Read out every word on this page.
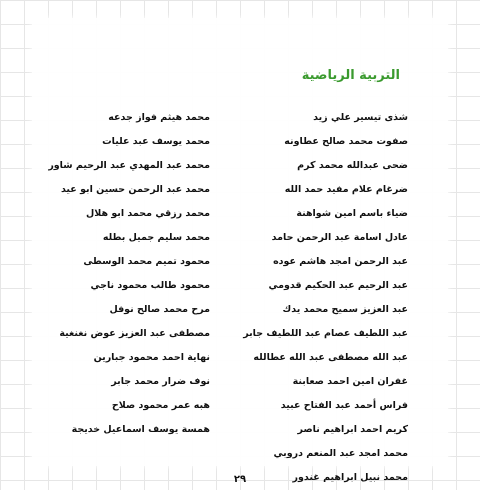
التربية الرياضية
شذى تيسير علي زيد
صفوت محمد صالح عطاونه
ضحى عبدالله محمد كرم
ضرغام علام مفيد حمد الله
ضياء باسم امين شواهنة
عادل اسامة عبد الرحمن حامد
عبد الرحمن امجد هاشم عوده
عبد الرحيم عبد الحكيم قدومي
عبد العزيز سميح محمد يدك
عبد اللطيف عصام عبد اللطيف جابر
عبد الله مصطفى عبد الله عطالله
غفران امين احمد صعابنة
فراس أحمد عبد الفتاح عبيد
كريم احمد ابراهيم ناصر
محمد امجد عبد المنعم دروبي
محمد نبيل ابراهيم غندور
محمد هيثم فواز جدعه
محمد يوسف عبد عليات
محمد عبد المهدي عبد الرحيم شاور
محمد عبد الرحمن حسين ابو عيد
محمد رزقي محمد ابو هلال
محمد سليم جميل بطله
محمود تميم محمد الوسطى
محمود طالب محمود ناجي
مرح محمد صالح نوفل
مصطفى عبد العزيز عوض نغنغية
نهاية احمد محمود جبارين
نوف ضرار محمد جابر
هبه عمر محمود صلاح
همسة يوسف اسماعيل خديجة
٢٩
